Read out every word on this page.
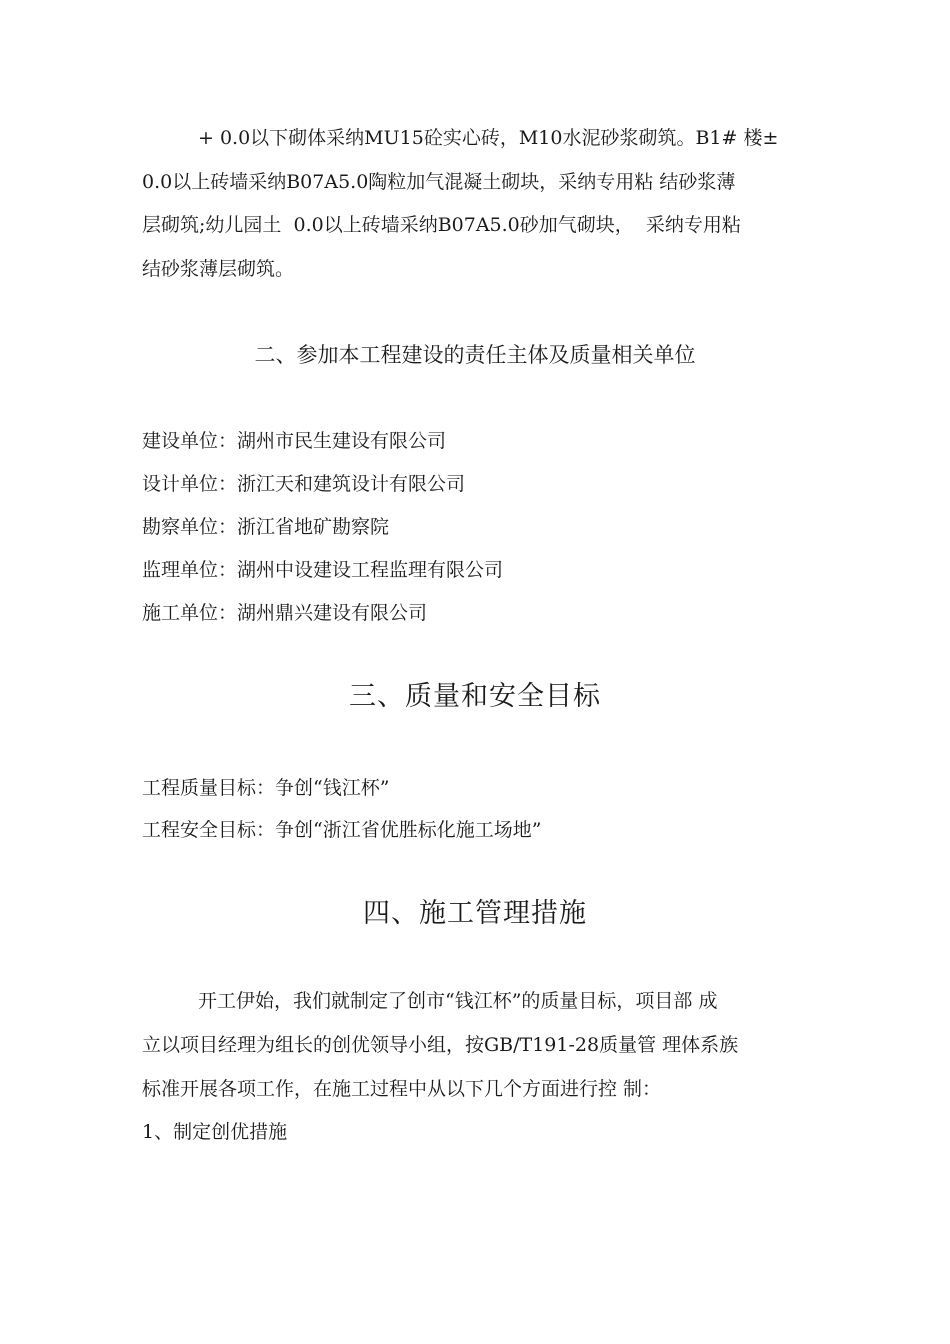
+ 0.0以下砌体采纳MU15砼实心砖，M10水泥砂浆砌筑。B1# 楼±
0.0以上砖墙采纳B07A5.0陶粒加气混凝土砌块，采纳专用粘 结砂浆薄
层砌筑;幼儿园土  0.0以上砖墙采纳B07A5.0砂加气砌块，  采纳专用粘
结砂浆薄层砌筑。
二、参加本工程建设的责任主体及质量相关单位
建设单位：湖州市民生建设有限公司
设计单位：浙江天和建筑设计有限公司
勘察单位：浙江省地矿勘察院
监理单位：湖州中设建设工程监理有限公司
施工单位：湖州鼎兴建设有限公司
三、质量和安全目标
工程质量目标：争创“钱江杯”
工程安全目标：争创“浙江省优胜标化施工场地”
四、施工管理措施
开工伊始，我们就制定了创市“钱江杯”的质量目标，项目部 成
立以项目经理为组长的创优领导小组，按GB/T191-28质量管 理体系族
标准开展各项工作，在施工过程中从以下几个方面进行控 制：
1、制定创优措施
